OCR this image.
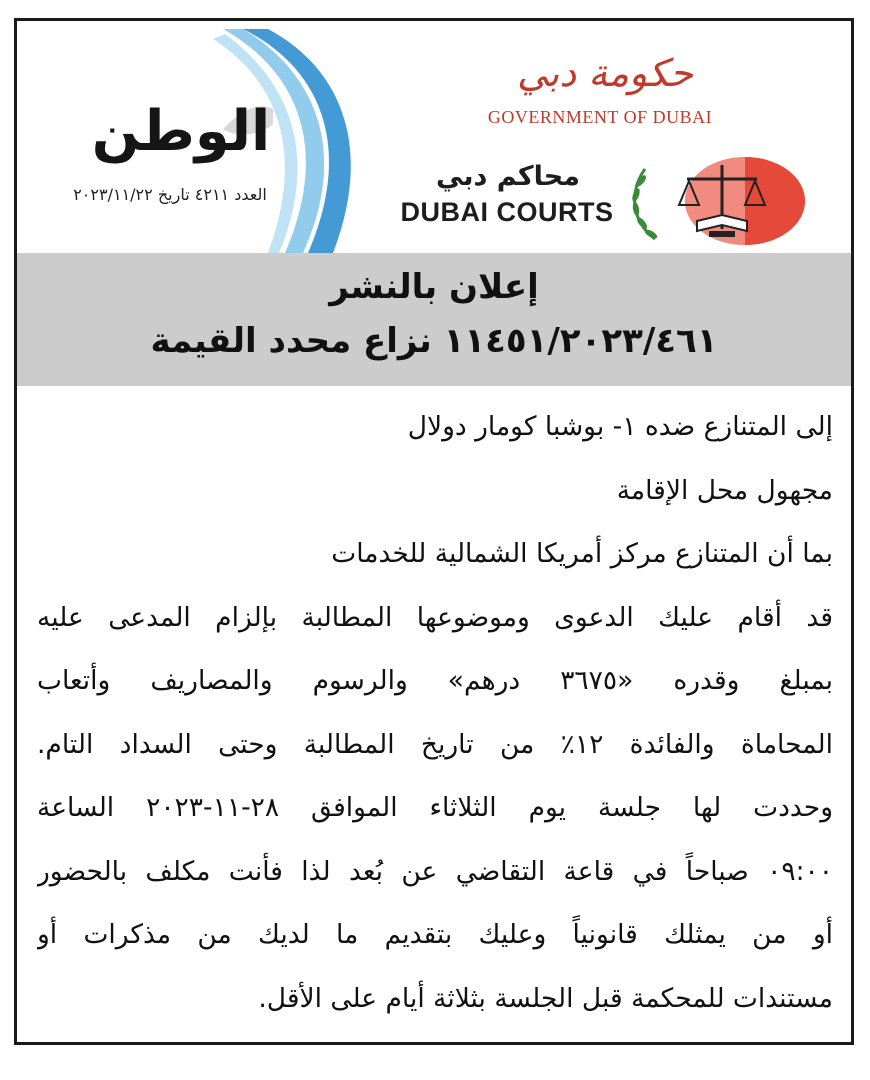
الوطن
العدد ٤٢١١ تاريخ ٢٠٢٣/١١/٢٢
حكومة دبي
GOVERNMENT OF DUBAI
محاكم دبي
DUBAI COURTS
إعلان بالنشر
١١٤٥١/٢٠٢٣/٤٦١ نزاع محدد القيمة
إلى المتنازع ضده ١- بوشبا كومار دولال
مجهول محل الإقامة
بما أن المتنازع مركز أمريكا الشمالية للخدمات
قد أقام عليك الدعوى وموضوعها المطالبة بإلزام المدعى عليه
بمبلغ وقدره «٣٦٧٥ درهم» والرسوم والمصاريف وأتعاب
المحاماة والفائدة ١٢٪ من تاريخ المطالبة وحتى السداد التام.
وحددت لها جلسة يوم الثلاثاء الموافق ٢٨-١١-٢٠٢٣ الساعة
٠٩:٠٠ صباحاً في قاعة التقاضي عن بُعد لذا فأنت مكلف بالحضور
أو من يمثلك قانونياً وعليك بتقديم ما لديك من مذكرات أو
مستندات للمحكمة قبل الجلسة بثلاثة أيام على الأقل.
